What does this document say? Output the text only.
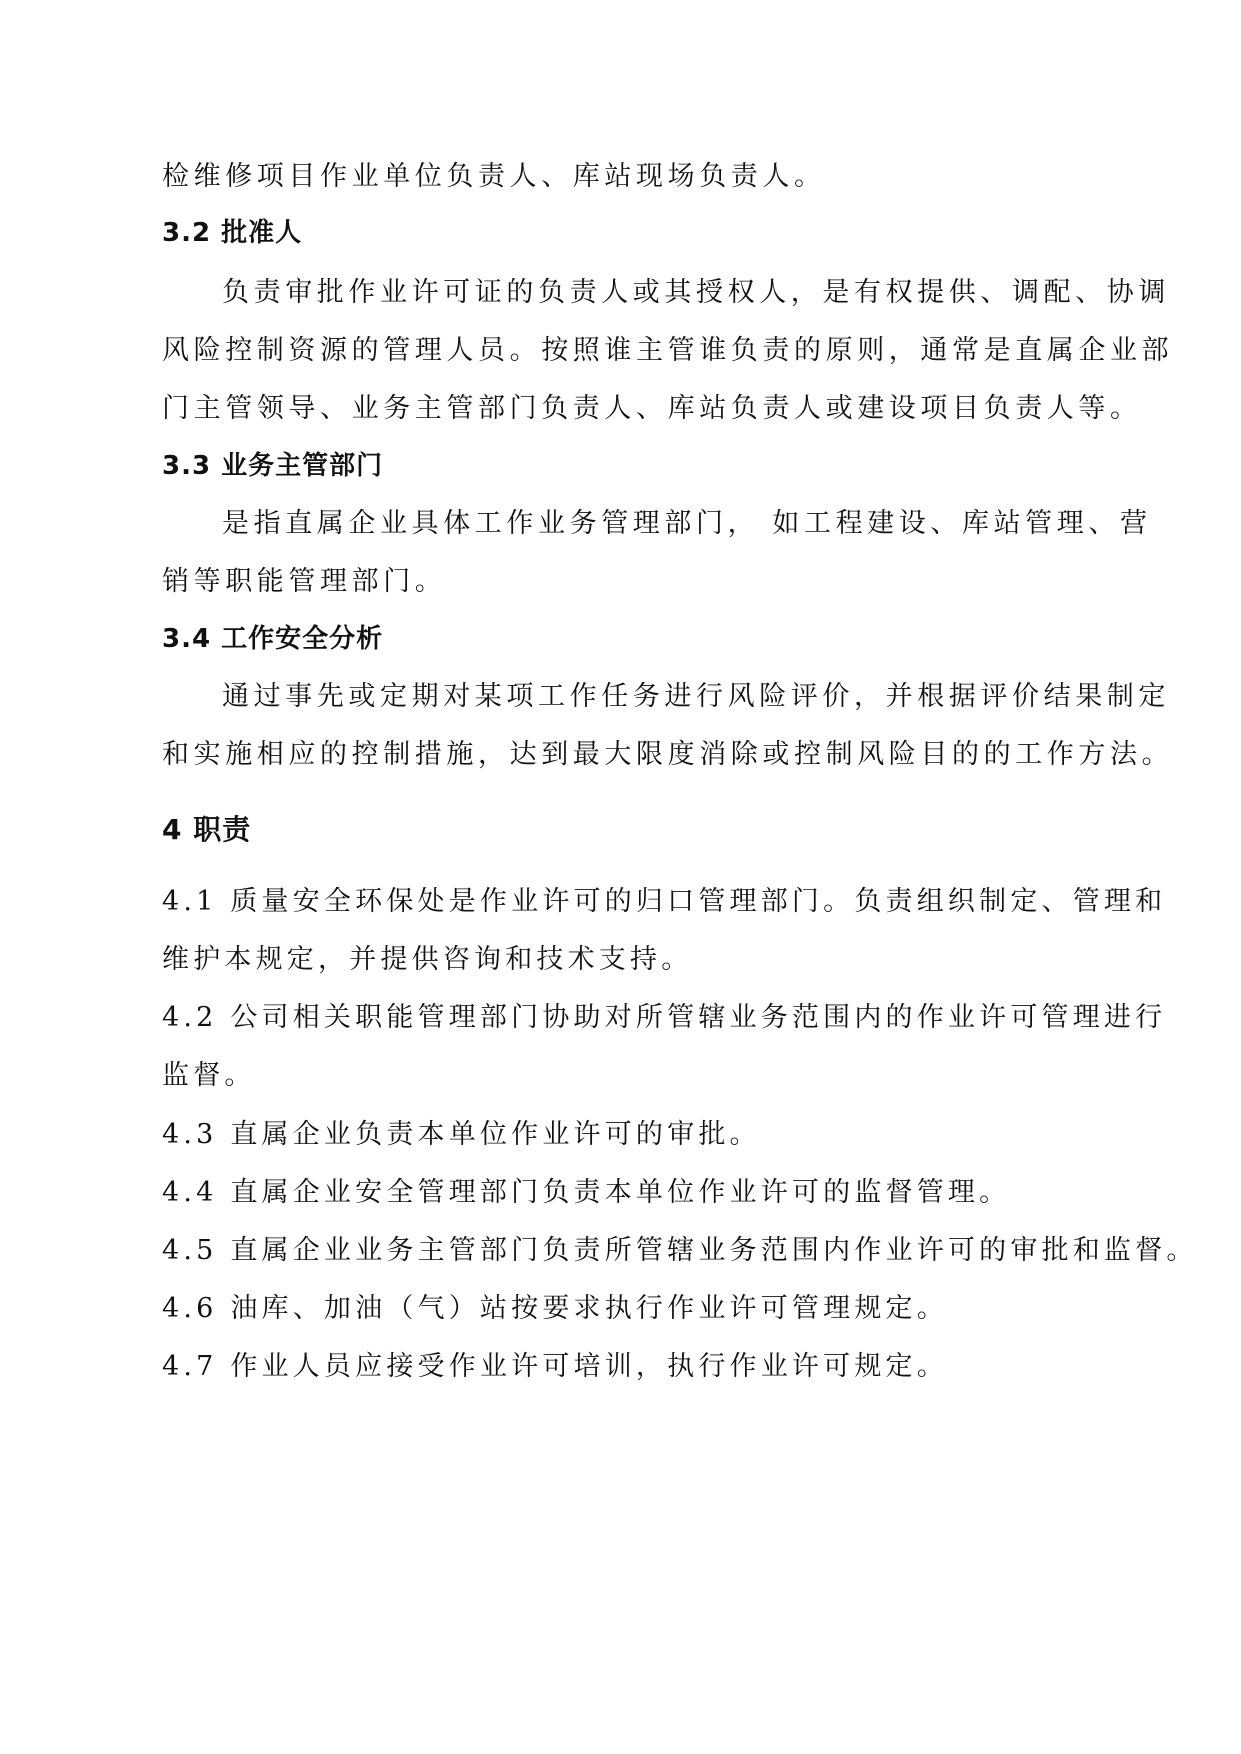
检维修项目作业单位负责人、库站现场负责人。
3.2 批准人
负责审批作业许可证的负责人或其授权人，是有权提供、调配、协调
风险控制资源的管理人员。按照谁主管谁负责的原则，通常是直属企业部
门主管领导、业务主管部门负责人、库站负责人或建设项目负责人等。
3.3 业务主管部门
是指直属企业具体工作业务管理部门， 如工程建设、库站管理、营
销等职能管理部门。
3.4 工作安全分析
通过事先或定期对某项工作任务进行风险评价，并根据评价结果制定
和实施相应的控制措施，达到最大限度消除或控制风险目的的工作方法。
4 职责
4.1 质量安全环保处是作业许可的归口管理部门。负责组织制定、管理和
维护本规定，并提供咨询和技术支持。
4.2 公司相关职能管理部门协助对所管辖业务范围内的作业许可管理进行
监督。
4.3 直属企业负责本单位作业许可的审批。
4.4 直属企业安全管理部门负责本单位作业许可的监督管理。
4.5 直属企业业务主管部门负责所管辖业务范围内作业许可的审批和监督。
4.6 油库、加油（气）站按要求执行作业许可管理规定。
4.7 作业人员应接受作业许可培训，执行作业许可规定。
